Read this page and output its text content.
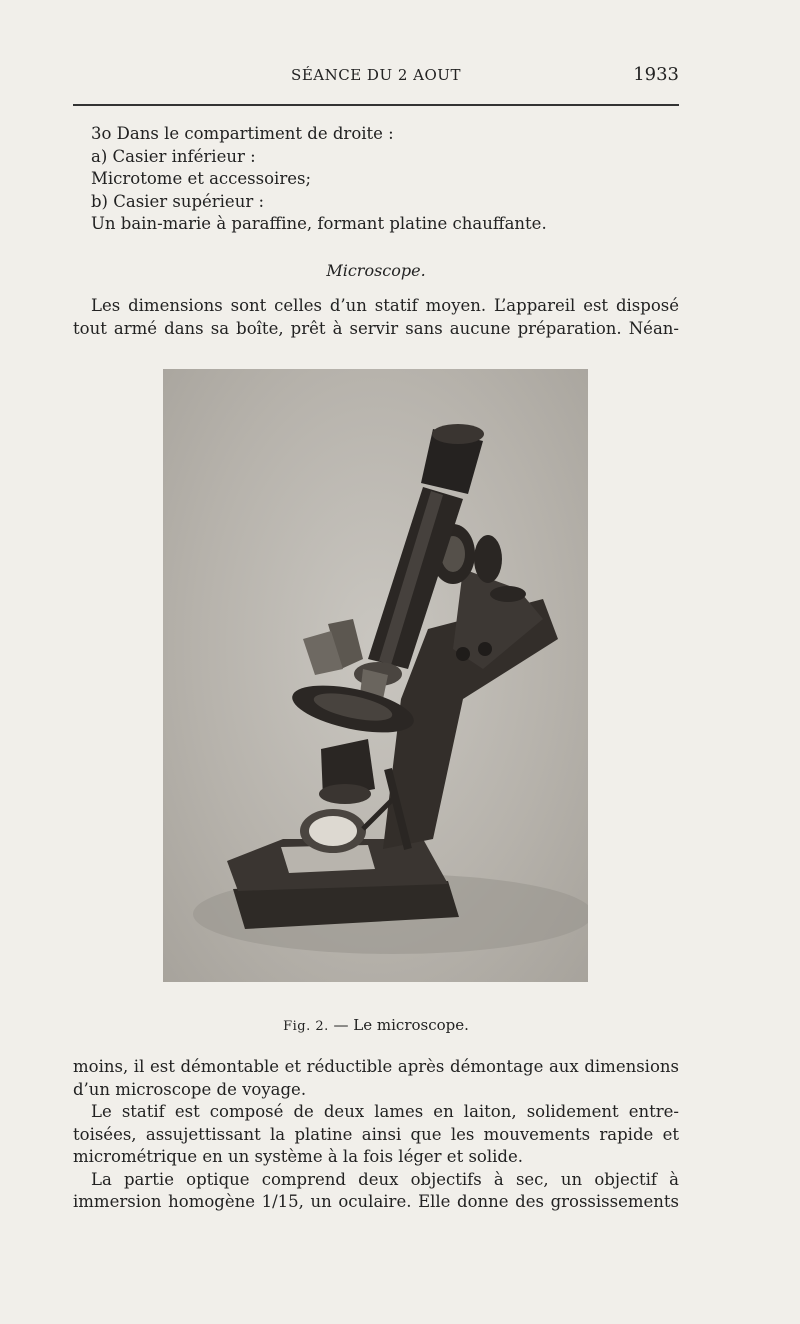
SÉANCE DU 2 AOUT	1933
3o Dans le compartiment de droite :
a) Casier inférieur :
Microtome et accessoires;
b) Casier supérieur :
Un bain-marie à paraffine, formant platine chauffante.
Microscope.
Les dimensions sont celles d’un statif moyen. L’appareil est disposé
tout armé dans sa boîte, prêt à servir sans aucune préparation. Néan-
Fig. 2. — Le microscope.
moins, il est démontable et réductible après démontage aux dimensions
d’un microscope de voyage.
Le statif est composé de deux lames en laiton, solidement entre-
toisées, assujettissant la platine ainsi que les mouvements rapide et
micrométrique en un système à la fois léger et solide.
La partie optique comprend deux objectifs à sec, un objectif à
immersion homogène 1/15, un oculaire. Elle donne des grossissements
